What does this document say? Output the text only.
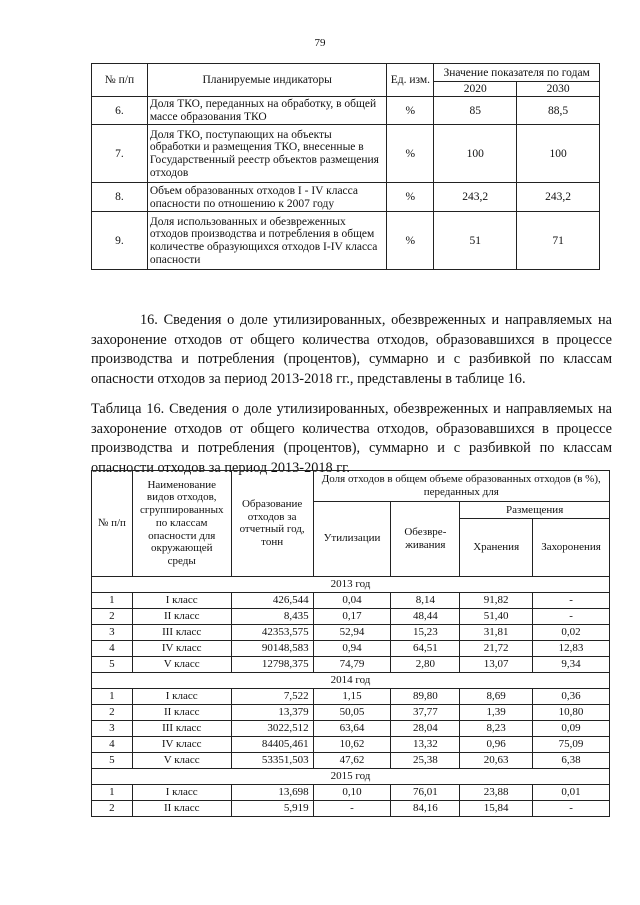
79
№ п/п	Планируемые индикаторы	Ед. изм.	Значение показателя по годам	
			2020	2030
6.	Доля ТКО, переданных на обработку, в общей массе образования ТКО	%	85	88,5
7.	Доля ТКО, поступающих на объекты обработки и размещения ТКО, внесенные в Государственный реестр объектов размещения отходов	%	100	100
8.	Объем образованных отходов I - IV класса опасности по отношению к 2007 году	%	243,2	243,2
9.	Доля использованных и обезвреженных отходов производства и потребления в общем количестве образующихся отходов I-IV класса опасности	%	51	71
16. Сведения о доле утилизированных, обезвреженных и направляемых на захоронение отходов от общего количества отходов, образовавшихся в процессе производства и потребления (процентов), суммарно и с разбивкой по классам опасности отходов за период 2013-2018 гг., представлены в таблице 16.
Таблица 16. Сведения о доле утилизированных, обезвреженных и направляемых на захоронение отходов от общего количества отходов, образовавшихся в процессе производства и потребления (процентов), суммарно и с разбивкой по классам опасности отходов за период 2013-2018 гг.
№ п/п	Наименование видов отходов, сгруппированных по классам опасности для окружающей среды	Образование отходов за отчетный год, тонн	Доля отходов в общем объеме образованных отходов (в %), переданных для			
			Утилизации	Обезвре-живания	Размещения	
					Хранения	Захоронения
2013 год						
1	I класс	426,544	0,04	8,14	91,82	-
2	II класс	8,435	0,17	48,44	51,40	-
3	III класс	42353,575	52,94	15,23	31,81	0,02
4	IV класс	90148,583	0,94	64,51	21,72	12,83
5	V класс	12798,375	74,79	2,80	13,07	9,34
2014 год						
1	I класс	7,522	1,15	89,80	8,69	0,36
2	II класс	13,379	50,05	37,77	1,39	10,80
3	III класс	3022,512	63,64	28,04	8,23	0,09
4	IV класс	84405,461	10,62	13,32	0,96	75,09
5	V класс	53351,503	47,62	25,38	20,63	6,38
2015 год						
1	I класс	13,698	0,10	76,01	23,88	0,01
2	II класс	5,919	-	84,16	15,84	-
